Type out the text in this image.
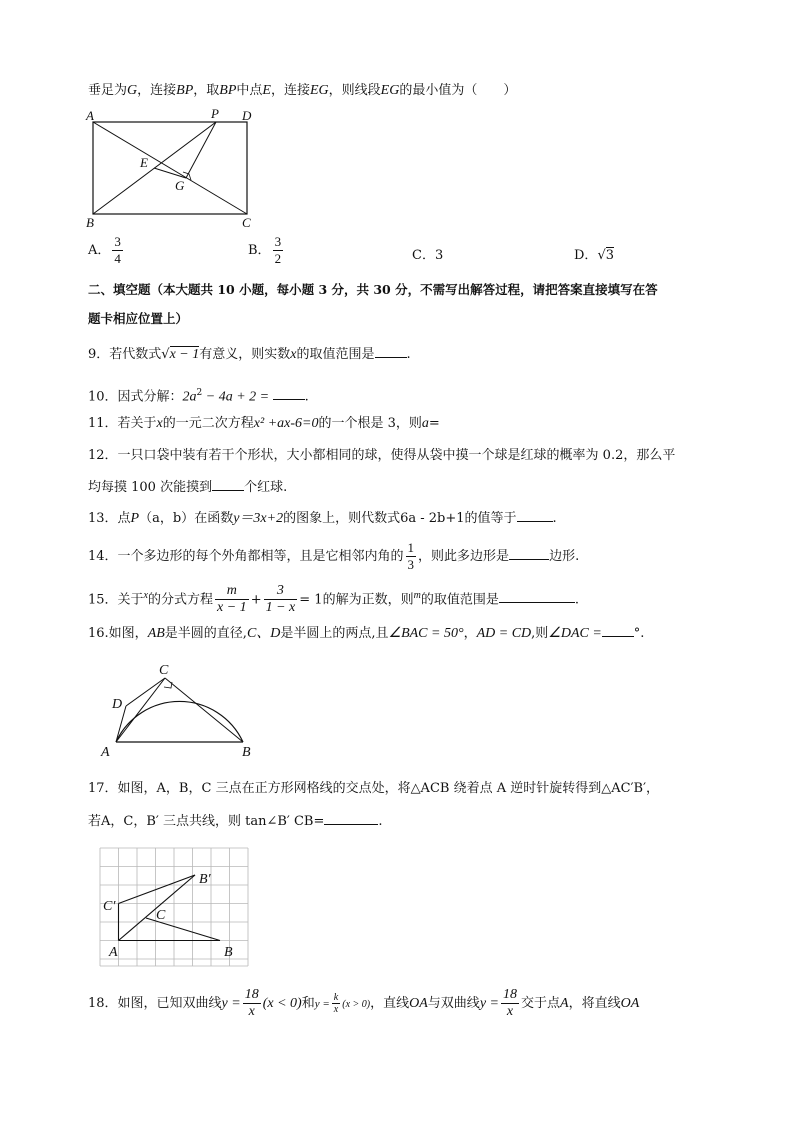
垂足为G，连接BP，取BP中点E，连接EG，则线段EG的最小值为（　　）
A	P D
E
G
B	C
A． $\frac{3}{4}$	B． $\frac{3}{2}$	C．3	D．√3
二、填空题（本大题共 10 小题，每小题 3 分，共 30 分，不需写出解答过程，请把答案直接填写在答
题卡相应位置上）
9．若代数式√x − 1有意义，则实数x的取值范围是 .
10．因式分解：$2a^2 - 4a + 2$ = .
11．若关于x的一元二次方程x² +ax-6=0的一个根是 3，则a=
12．一只口袋中装有若干个形状，大小都相同的球，使得从袋中摸一个球是红球的概率为 0.2，那么平
均每摸 100 次能摸到 个红球.
13．点P（a，b）在函数y＝3x+2的图象上，则代数式6a - 2b+1的值等于	.
14．一个多边形的每个外角都相等，且是它相邻内角的 $\frac{1}{3}$ ，则此多边形是	边形.
15．关于$^x$的分式方程 $\frac{m}{x - 1} + \frac{3}{1 - x} = 1$的解为正数，则$^m$的取值范围是	.
16.如图，AB是半圆的直径,C、D是半圆上的两点,且∠BAC = 50°，AD = CD,则∠DAC = °.
C
D
A	B
17．如图，A，B，C 三点在正方形网格线的交点处，将△ACB 绕着点 A 逆时针旋转得到△AC′B′，
若A，C，B′ 三点共线，则 tan∠B′ CB=	.
B′
C′
C
A	B
18．如图，已知双曲线$y = \frac{18}{x} (x < 0)$和$y = \frac{k}{x} (x > 0)$，直线OA与双曲线$y = \frac{18}{x}$ 交于点A，将直线OA
